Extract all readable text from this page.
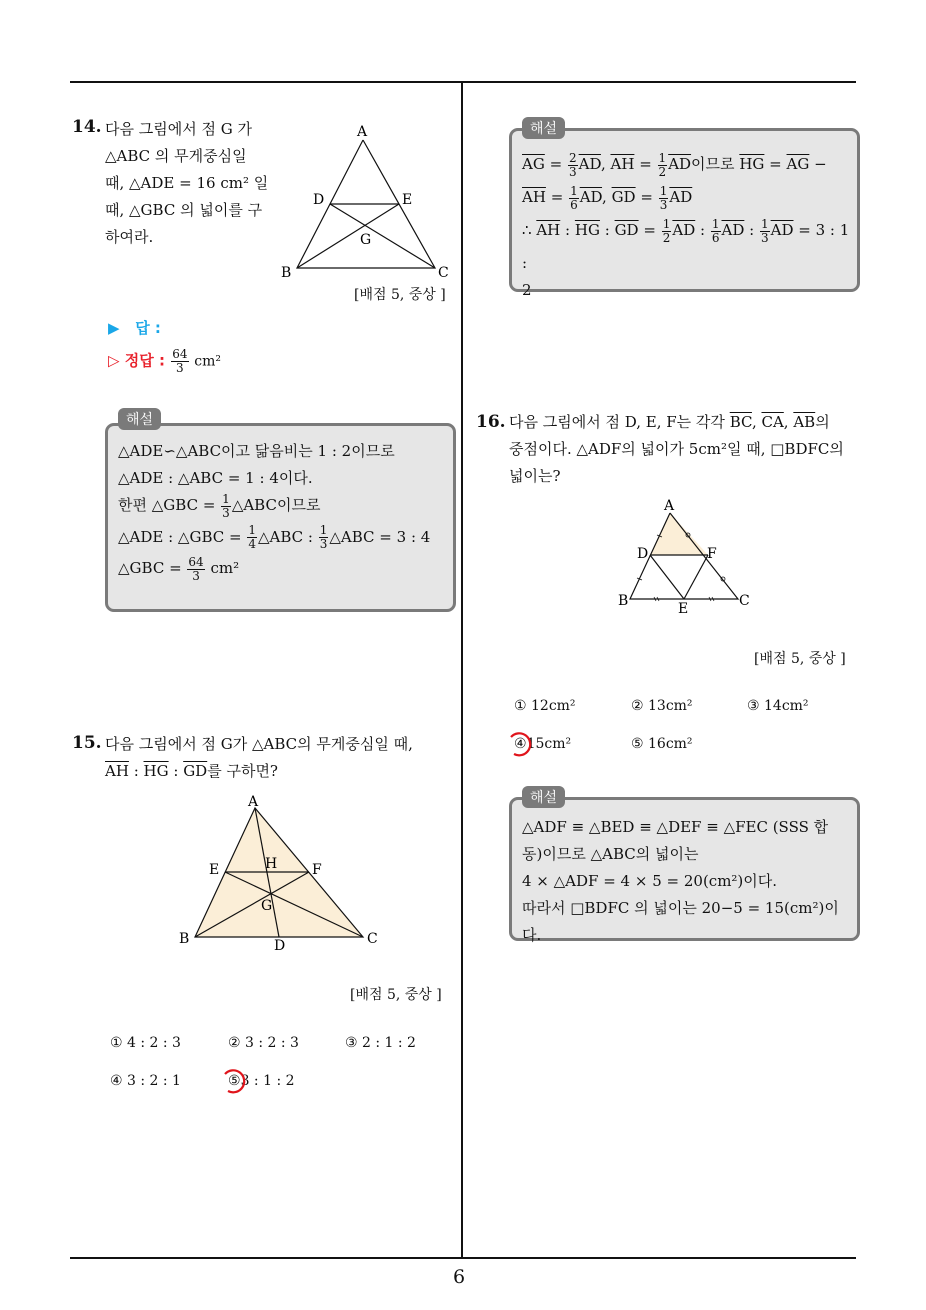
6
14. 다음 그림에서 점 G 가
△ABC 의 무게중심일
때, △ADE = 16 cm² 일
때, △GBC 의 넓이를 구
하여라.
A
B	C
D	E
G
[배점 5, 중상 ]
▶ 답 :
▷ 정답 : $\frac{64}{3} cm^2$
해설
△ADE∽△ABC이고 닮음비는 1 : 2이므로
△ADE : △ABC = 1 : 4이다.
한편 △GBC = $\frac{1}{3}$ △ABC이므로
△ADE : △GBC = $\frac{1}{4}$ △ABC : $\frac{1}{3}$ △ABC = 3 : 4
△GBC = $\frac{64}{3} cm^2$
15. 다음 그림에서 점 G가 △ABC의 무게중심일 때,
$\overline{AH}$ : $\overline{HG}$ : $\overline{GD}$를 구하면?
A
B	C
D
E	F
G
H
[배점 5, 중상 ]
① 4 : 2 : 3	② 3 : 2 : 3	③ 2 : 1 : 2
④ 3 : 2 : 1	⑤3 : 1 : 2
해설
$\overline{AG} = \frac{2}{3} \overline{AD}$, $\overline{AH} = \frac{1}{2} \overline{AD}$이므로 $\overline{HG} = \overline{AG}$ −
$\overline{AH} = \frac{1}{6} \overline{AD}$, $\overline{GD} = \frac{1}{3} \overline{AD}$
∴ $\overline{AH}$ : $\overline{HG}$ : $\overline{GD} = \frac{1}{2} \overline{AD}$ : $\frac{1}{6} \overline{AD}$ : $\frac{1}{3} \overline{AD} = 3$ : 1 :
2
16. 다음 그림에서 점 D, E, F는 각각 $\overline{BC}$, $\overline{CA}$, $\overline{AB}$의
중점이다. △ADF의 넓이가 5cm²일 때, □BDFC의
넓이는?
A
B	C
D
E
F
[배점 5, 중상 ]
① 12cm²	② 13cm²	③ 14cm²
④15cm²	⑤ 16cm²
해설
△ADF ≡ △BED ≡ △DEF ≡ △FEC (SSS 합
동)이므로 △ABC의 넓이는
4 × △ADF = 4 × 5 = 20(cm²)이다.
따라서 □BDFC 의 넓이는 20−5 = 15(cm²)이다.
